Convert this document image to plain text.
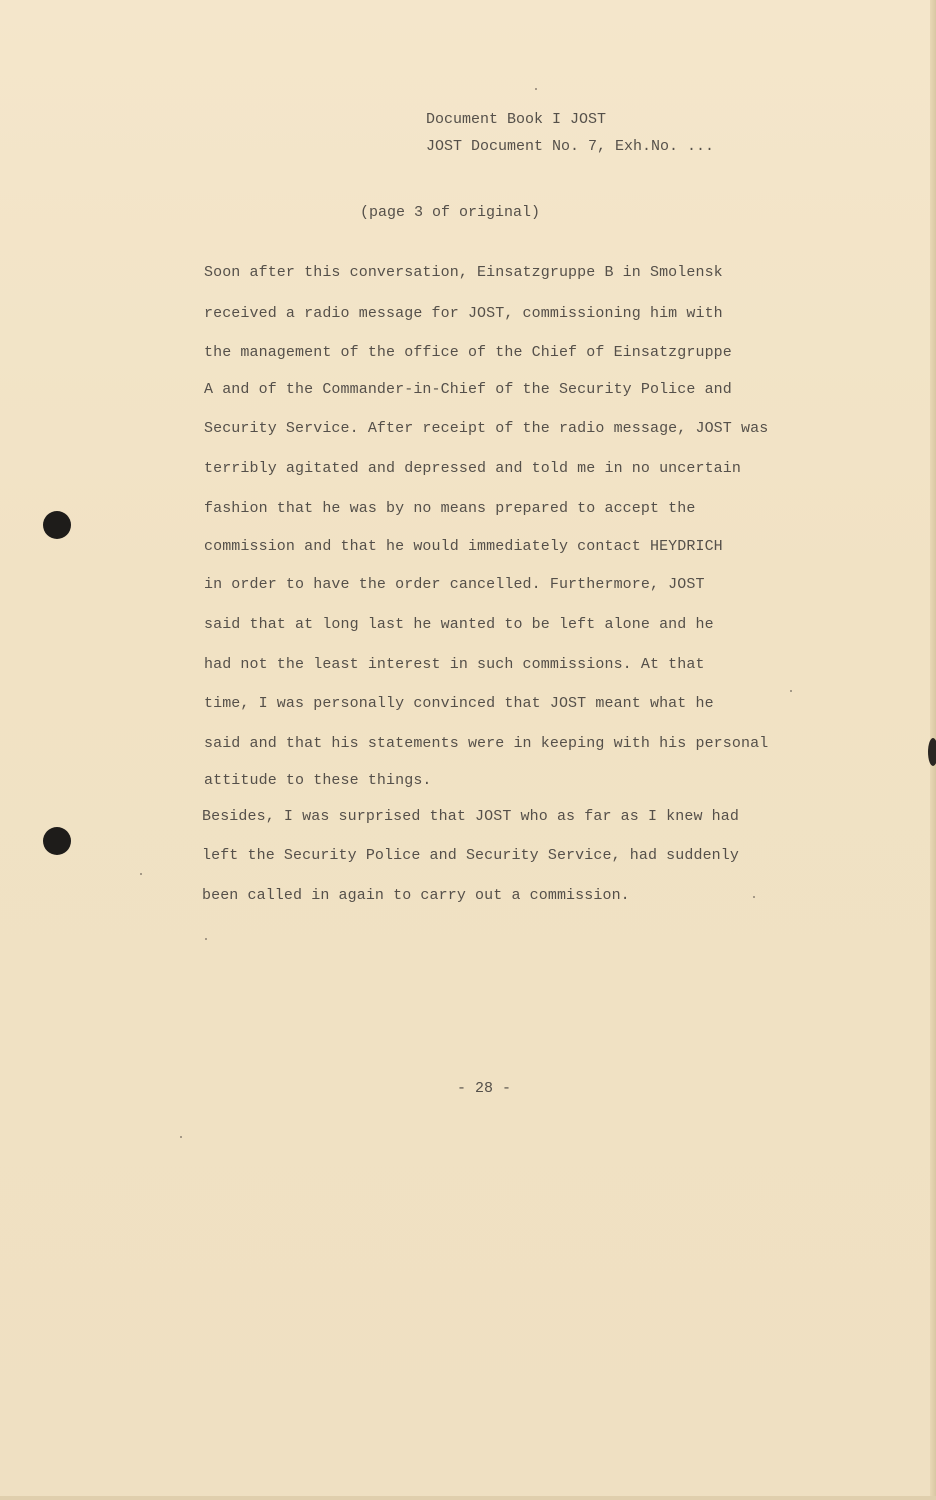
Document Book I JOST
JOST Document No. 7, Exh.No. ...
(page 3 of original)
Soon after this conversation, Einsatzgruppe B in Smolensk
received a radio message for JOST, commissioning him with
the management of the office of the Chief of Einsatzgruppe
A and of the Commander-in-Chief of the Security Police and
Security Service. After receipt of the radio message, JOST was
terribly agitated and depressed and told me in no uncertain
fashion that he was by no means prepared to accept the
commission and that he would immediately contact HEYDRICH
in order to have the order cancelled. Furthermore, JOST
said that at long last he wanted to be left alone and he
had not the least interest in such commissions. At that
time, I was personally convinced that JOST meant what he
said and that his statements were in keeping with his personal
attitude to these things.
Besides, I was surprised that JOST who as far as I knew had
left the Security Police and Security Service, had suddenly
been called in again to carry out a commission.
- 28 -
